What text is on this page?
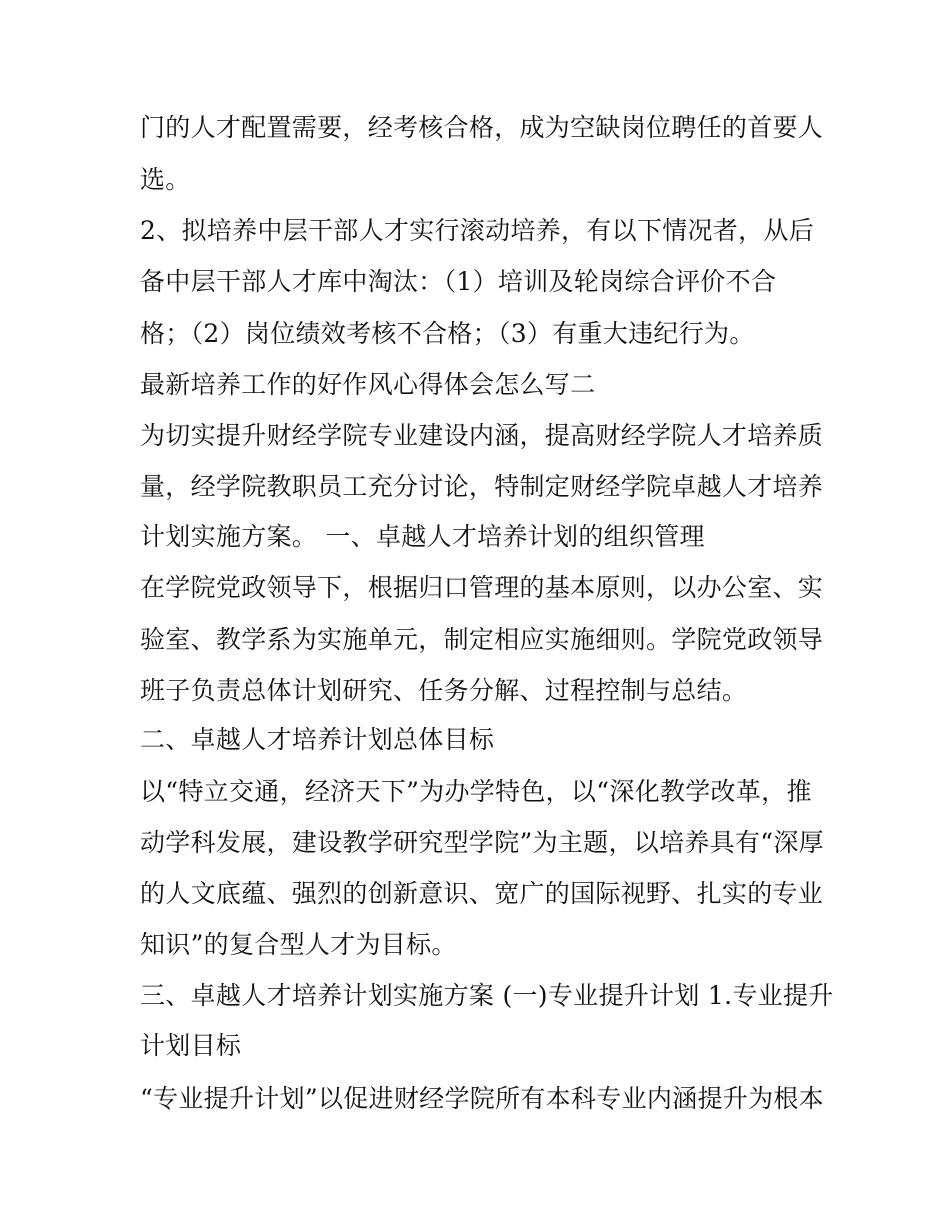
门的人才配置需要，经考核合格，成为空缺岗位聘任的首要人
选。
2、拟培养中层干部人才实行滚动培养，有以下情况者，从后
备中层干部人才库中淘汰：（1）培训及轮岗综合评价不合
格；（2）岗位绩效考核不合格；（3）有重大违纪行为。
最新培养工作的好作风心得体会怎么写二
为切实提升财经学院专业建设内涵，提高财经学院人才培养质
量，经学院教职员工充分讨论，特制定财经学院卓越人才培养
计划实施方案。 一、卓越人才培养计划的组织管理
在学院党政领导下，根据归口管理的基本原则，以办公室、实
验室、教学系为实施单元，制定相应实施细则。学院党政领导
班子负责总体计划研究、任务分解、过程控制与总结。
二、卓越人才培养计划总体目标
以“特立交通，经济天下”为办学特色，以“深化教学改革，推
动学科发展，建设教学研究型学院”为主题，以培养具有“深厚
的人文底蕴、强烈的创新意识、宽广的国际视野、扎实的专业
知识”的复合型人才为目标。
三、卓越人才培养计划实施方案 (一)专业提升计划 1.专业提升
计划目标
“专业提升计划”以促进财经学院所有本科专业内涵提升为根本
